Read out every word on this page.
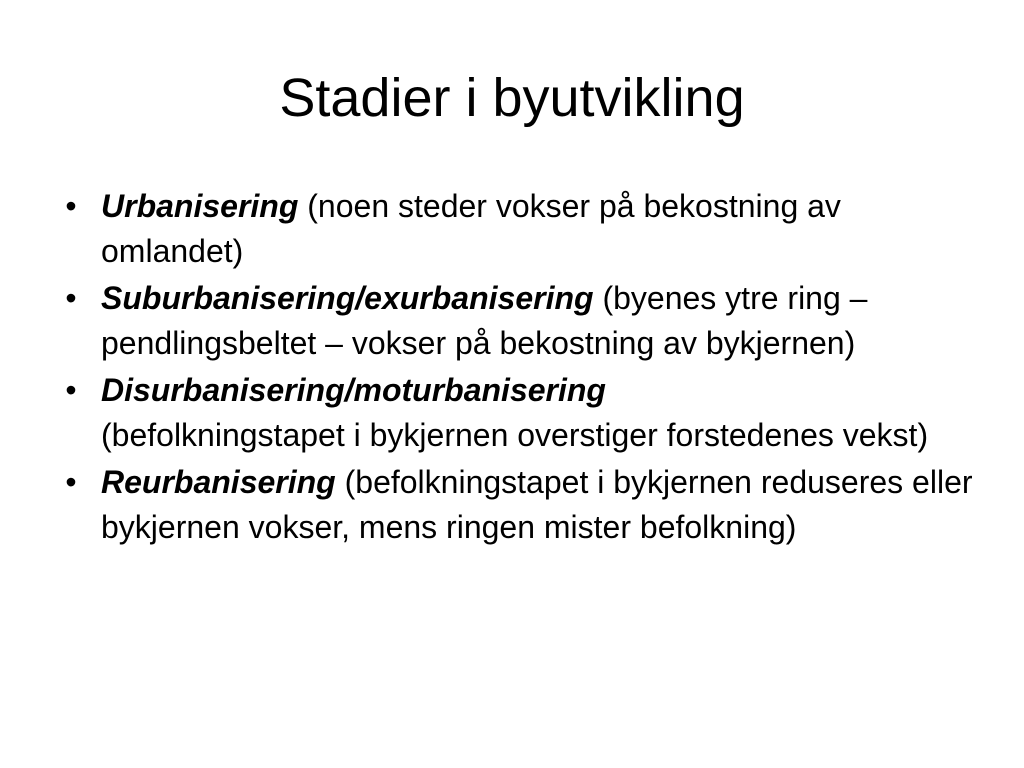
Stadier i byutvikling
• Urbanisering (noen steder vokser på bekostning av omlandet)
• Suburbanisering/exurbanisering (byenes ytre ring – pendlingsbeltet – vokser på bekostning av bykjernen)
• Disurbanisering/moturbanisering
(befolkningstapet i bykjernen overstiger forstedenes vekst)
• Reurbanisering (befolkningstapet i bykjernen reduseres eller bykjernen vokser, mens ringen mister befolkning)
